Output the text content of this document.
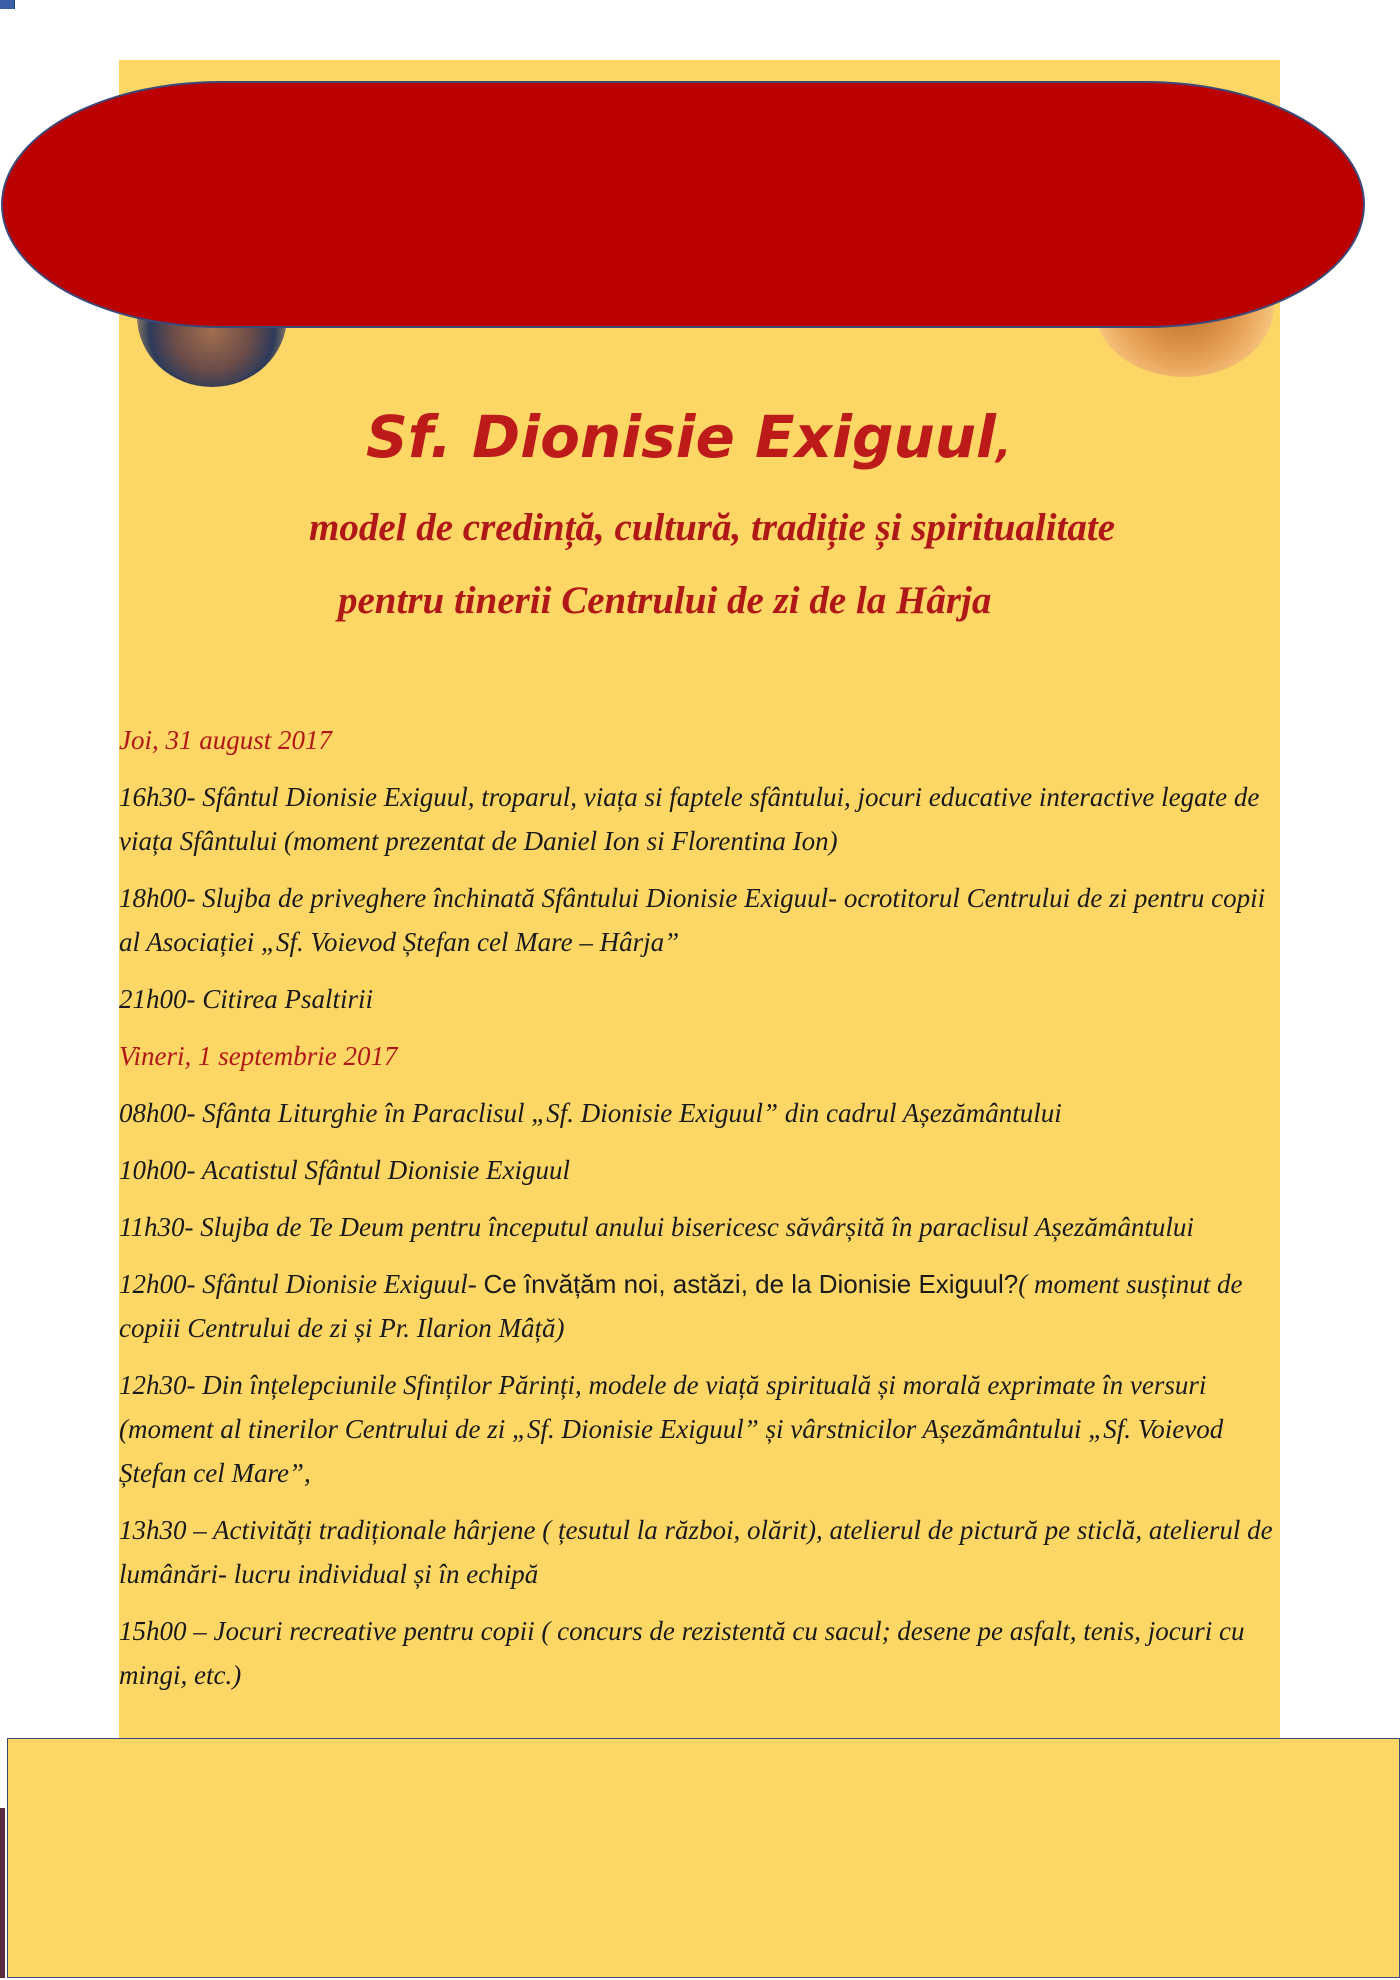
Sf. Dionisie Exiguul,
model de credință, cultură, tradiție și spiritualitate
pentru tinerii Centrului de zi de la Hârja

Joi, 31 august 2017

16h30- Sfântul Dionisie Exiguul, troparul, viața si faptele sfântului, jocuri educative interactive legate de viața Sfântului (moment prezentat de Daniel Ion si Florentina Ion)

18h00- Slujba de priveghere închinată Sfântului Dionisie Exiguul- ocrotitorul Centrului de zi pentru copii al Asociației „Sf. Voievod Ștefan cel Mare – Hârja”

21h00- Citirea Psaltirii

Vineri, 1 septembrie 2017

08h00- Sfânta Liturghie în Paraclisul „Sf. Dionisie Exiguul” din cadrul Așezământului

10h00- Acatistul Sfântul Dionisie Exiguul

11h30- Slujba de Te Deum pentru începutul anului bisericesc săvârșită în paraclisul Așezământului

12h00- Sfântul Dionisie Exiguul- Ce învățăm noi, astăzi, de la Dionisie Exiguul?( moment susținut de copiii Centrului de zi și Pr. Ilarion Mâță)

12h30- Din înțelepciunile Sfinților Părinți, modele de viață spirituală și morală exprimate în versuri (moment al tinerilor Centrului de zi „Sf. Dionisie Exiguul” și vârstnicilor Așezământului „Sf. Voievod Ștefan cel Mare”,

13h30 – Activități tradiționale hârjene ( țesutul la război, olărit), atelierul de pictură pe sticlă, atelierul de lumânări- lucru individual și în echipă

15h00 – Jocuri recreative pentru copii ( concurs de rezistentă cu sacul; desene pe asfalt, tenis, jocuri cu mingi, etc.)
